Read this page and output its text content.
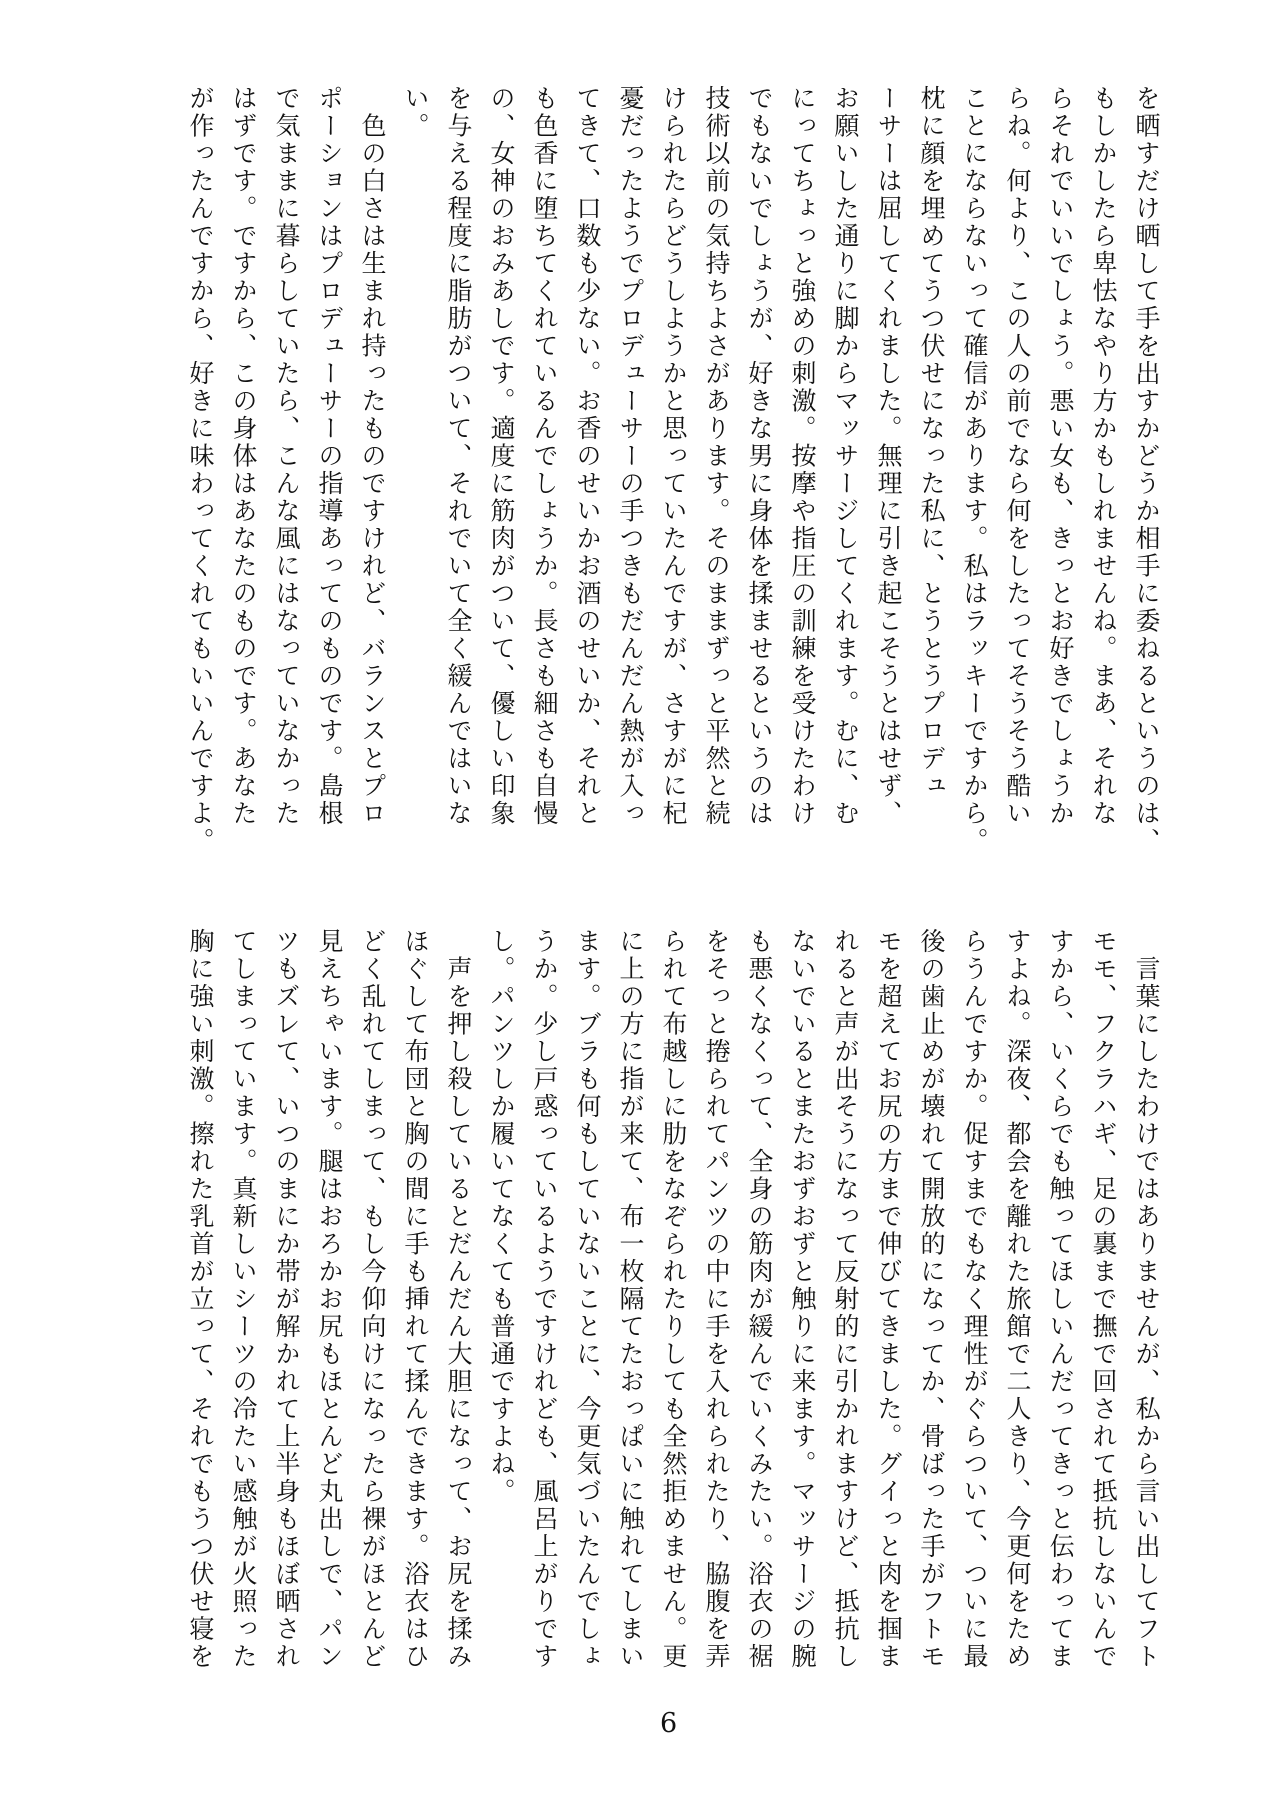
を晒すだけ晒して手を出すかどうか相手に委ねるというのは、
もしかしたら卑怯なやり方かもしれませんね。まあ、それな
らそれでいいでしょう。悪い女も、きっとお好きでしょうか
らね。何より、この人の前でなら何をしたってそうそう酷い
ことにならないって確信があります。私はラッキーですから。
枕に顔を埋めてうつ伏せになった私に、とうとうプロデュ
ーサーは屈してくれました。無理に引き起こそうとはせず、
お願いした通りに脚からマッサージしてくれます。むに、む
にってちょっと強めの刺激。按摩や指圧の訓練を受けたわけ
でもないでしょうが、好きな男に身体を揉ませるというのは
技術以前の気持ちよさがあります。そのままずっと平然と続
けられたらどうしようかと思っていたんですが、さすがに杞
憂だったようでプロデューサーの手つきもだんだん熱が入っ
てきて、口数も少ない。お香のせいかお酒のせいか、それと
も色香に堕ちてくれているんでしょうか。長さも細さも自慢
の、女神のおみあしです。適度に筋肉がついて、優しい印象
を与える程度に脂肪がついて、それでいて全く緩んではいな
い。
　色の白さは生まれ持ったものですけれど、バランスとプロ
ポーションはプロデューサーの指導あってのものです。島根
で気ままに暮らしていたら、こんな風にはなっていなかった
はずです。ですから、この身体はあなたのものです。あなた
が作ったんですから、好きに味わってくれてもいいんですよ。
　言葉にしたわけではありませんが、私から言い出してフト
モモ、フクラハギ、足の裏まで撫で回されて抵抗しないんで
すから、いくらでも触ってほしいんだってきっと伝わってま
すよね。深夜、都会を離れた旅館で二人きり、今更何をため
らうんですか。促すまでもなく理性がぐらついて、ついに最
後の歯止めが壊れて開放的になってか、骨ばった手がフトモ
モを超えてお尻の方まで伸びてきました。グイっと肉を掴ま
れると声が出そうになって反射的に引かれますけど、抵抗し
ないでいるとまたおずおずと触りに来ます。マッサージの腕
も悪くなくって、全身の筋肉が緩んでいくみたい。浴衣の裾
をそっと捲られてパンツの中に手を入れられたり、脇腹を弄
られて布越しに肋をなぞられたりしても全然拒めません。更
に上の方に指が来て、布一枚隔てたおっぱいに触れてしまい
ます。ブラも何もしていないことに、今更気づいたんでしょ
うか。少し戸惑っているようですけれども、風呂上がりです
し。パンツしか履いてなくても普通ですよね。
　声を押し殺しているとだんだん大胆になって、お尻を揉み
ほぐして布団と胸の間に手も挿れて揉んできます。浴衣はひ
どく乱れてしまって、もし今仰向けになったら裸がほとんど
見えちゃいます。腿はおろかお尻もほとんど丸出しで、パン
ツもズレて、いつのまにか帯が解かれて上半身もほぼ晒され
てしまっています。真新しいシーツの冷たい感触が火照った
胸に強い刺激。擦れた乳首が立って、それでもうつ伏せ寝を
6
